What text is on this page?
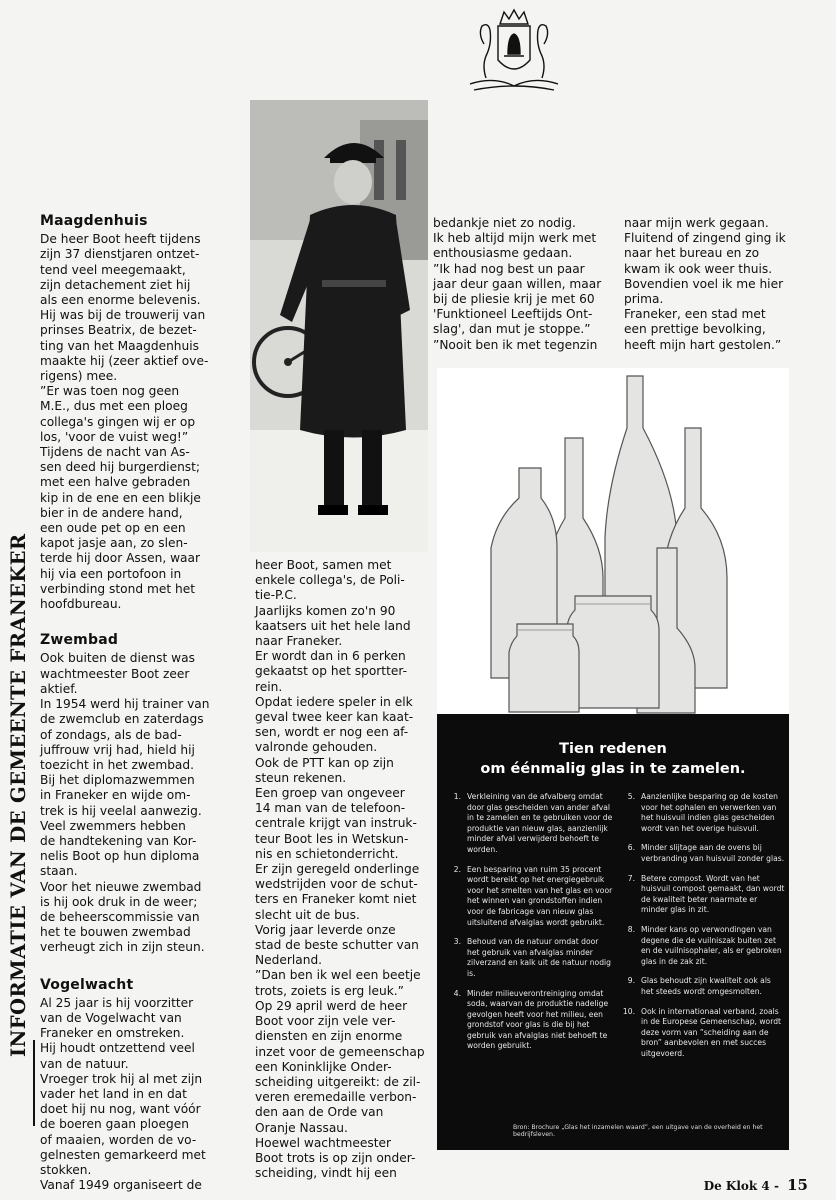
INFORMATIE VAN DE GEMEENTE FRANEKER
Maagdenhuis

De heer Boot heeft tijdens

zijn 37 dienstjaren ontzet-

tend veel meegemaakt,

zijn detachement ziet hij

als een enorme belevenis.

Hij was bij de trouwerij van

prinses Beatrix, de bezet-

ting van het Maagdenhuis

maakte hij (zeer aktief ove-

rigens) mee.

”Er was toen nog geen

M.E., dus met een ploeg

collega's gingen wij er op

los, 'voor de vuist weg!”

Tijdens de nacht van As-

sen deed hij burgerdienst;

met een halve gebraden

kip in de ene en een blikje

bier in de andere hand,

een oude pet op en een

kapot jasje aan, zo slen-

terde hij door Assen, waar

hij via een portofoon in

verbinding stond met het

hoofdbureau.

Zwembad

Ook buiten de dienst was

wachtmeester Boot zeer

aktief.

In 1954 werd hij trainer van

de zwemclub en zaterdags

of zondags, als de bad-

juffrouw vrij had, hield hij

toezicht in het zwembad.

Bij het diplomazwemmen

in Franeker en wijde om-

trek is hij veelal aanwezig.

Veel zwemmers hebben

de handtekening van Kor-

nelis Boot op hun diploma

staan.

Voor het nieuwe zwembad

is hij ook druk in de weer;

de beheerscommissie van

het te bouwen zwembad

verheugt zich in zijn steun.

Vogelwacht

Al 25 jaar is hij voorzitter

van de Vogelwacht van

Franeker en omstreken.

Hij houdt ontzettend veel

van de natuur.

Vroeger trok hij al met zijn

vader het land in en dat

doet hij nu nog, want vóór

de boeren gaan ploegen

of maaien, worden de vo-

gelnesten gemarkeerd met

stokken.

Vanaf 1949 organiseert de

heer Boot, samen met

enkele collega's, de Poli-

tie-P.C.

Jaarlijks komen zo'n 90

kaatsers uit het hele land

naar Franeker.

Er wordt dan in 6 perken

gekaatst op het sportter-

rein.

Opdat iedere speler in elk

geval twee keer kan kaat-

sen, wordt er nog een af-

valronde gehouden.

Ook de PTT kan op zijn

steun rekenen.

Een groep van ongeveer

14 man van de telefoon-

centrale krijgt van instruk-

teur Boot les in Wetskun-

nis en schietonderricht.

Er zijn geregeld onderlinge

wedstrijden voor de schut-

ters en Franeker komt niet

slecht uit de bus.

Vorig jaar leverde onze

stad de beste schutter van

Nederland.

”Dan ben ik wel een beetje

trots, zoiets is erg leuk.”

Op 29 april werd de heer

Boot voor zijn vele ver-

diensten en zijn enorme

inzet voor de gemeenschap

een Koninklijke Onder-

scheiding uitgereikt: de zil-

veren eremedaille verbon-

den aan de Orde van

Oranje Nassau.

Hoewel wachtmeester

Boot trots is op zijn onder-

scheiding, vindt hij een

bedankje niet zo nodig.

Ik heb altijd mijn werk met

enthousiasme gedaan.

”Ik had nog best un paar

jaar deur gaan willen, maar

bij de pliesie krij je met 60

'Funktioneel Leeftijds Ont-

slag', dan mut je stoppe.”

”Nooit ben ik met tegenzin

naar mijn werk gegaan.

Fluitend of zingend ging ik

naar het bureau en zo

kwam ik ook weer thuis.

Bovendien voel ik me hier

prima.

Franeker, een stad met

een prettige bevolking,

heeft mijn hart gestolen.”

Tien redenen
om éénmalig glas in te zamelen.
1. Verkleining van de afvalberg omdat door glas gescheiden van ander afval in te zamelen en te gebruiken voor de produktie van nieuw glas, aanzienlijk minder afval verwijderd behoeft te worden.
2. Een besparing van ruim 35 procent wordt bereikt op het energiegebruik voor het smelten van het glas en voor het winnen van grondstoffen indien voor de fabricage van nieuw glas uitsluitend afvalglas wordt gebruikt.
3. Behoud van de natuur omdat door het gebruik van afvalglas minder zilverzand en kalk uit de natuur nodig is.
4. Minder milieuverontreiniging omdat soda, waarvan de produktie nadelige gevolgen heeft voor het milieu, een grondstof voor glas is die bij het gebruik van afvalglas niet behoeft te worden gebruikt.
5. Aanzienlijke besparing op de kosten voor het ophalen en verwerken van het huisvuil indien glas gescheiden wordt van het overige huisvuil.
6. Minder slijtage aan de ovens bij verbranding van huisvuil zonder glas.
7. Betere compost. Wordt van het huisvuil compost gemaakt, dan wordt de kwaliteit beter naarmate er minder glas in zit.
8. Minder kans op verwondingen van degene die de vuilniszak buiten zet en de vuilnisophaler, als er gebroken glas in de zak zit.
9. Glas behoudt zijn kwaliteit ook als het steeds wordt omgesmolten.
10. Ook in internationaal verband, zoals in de Europese Gemeenschap, wordt deze vorm van ”scheiding aan de bron” aanbevolen en met succes uitgevoerd.
Bron: Brochure „Glas het inzamelen waard”, een uitgave van de overheid en het bedrijfsleven.
De Klok 4 - 15
